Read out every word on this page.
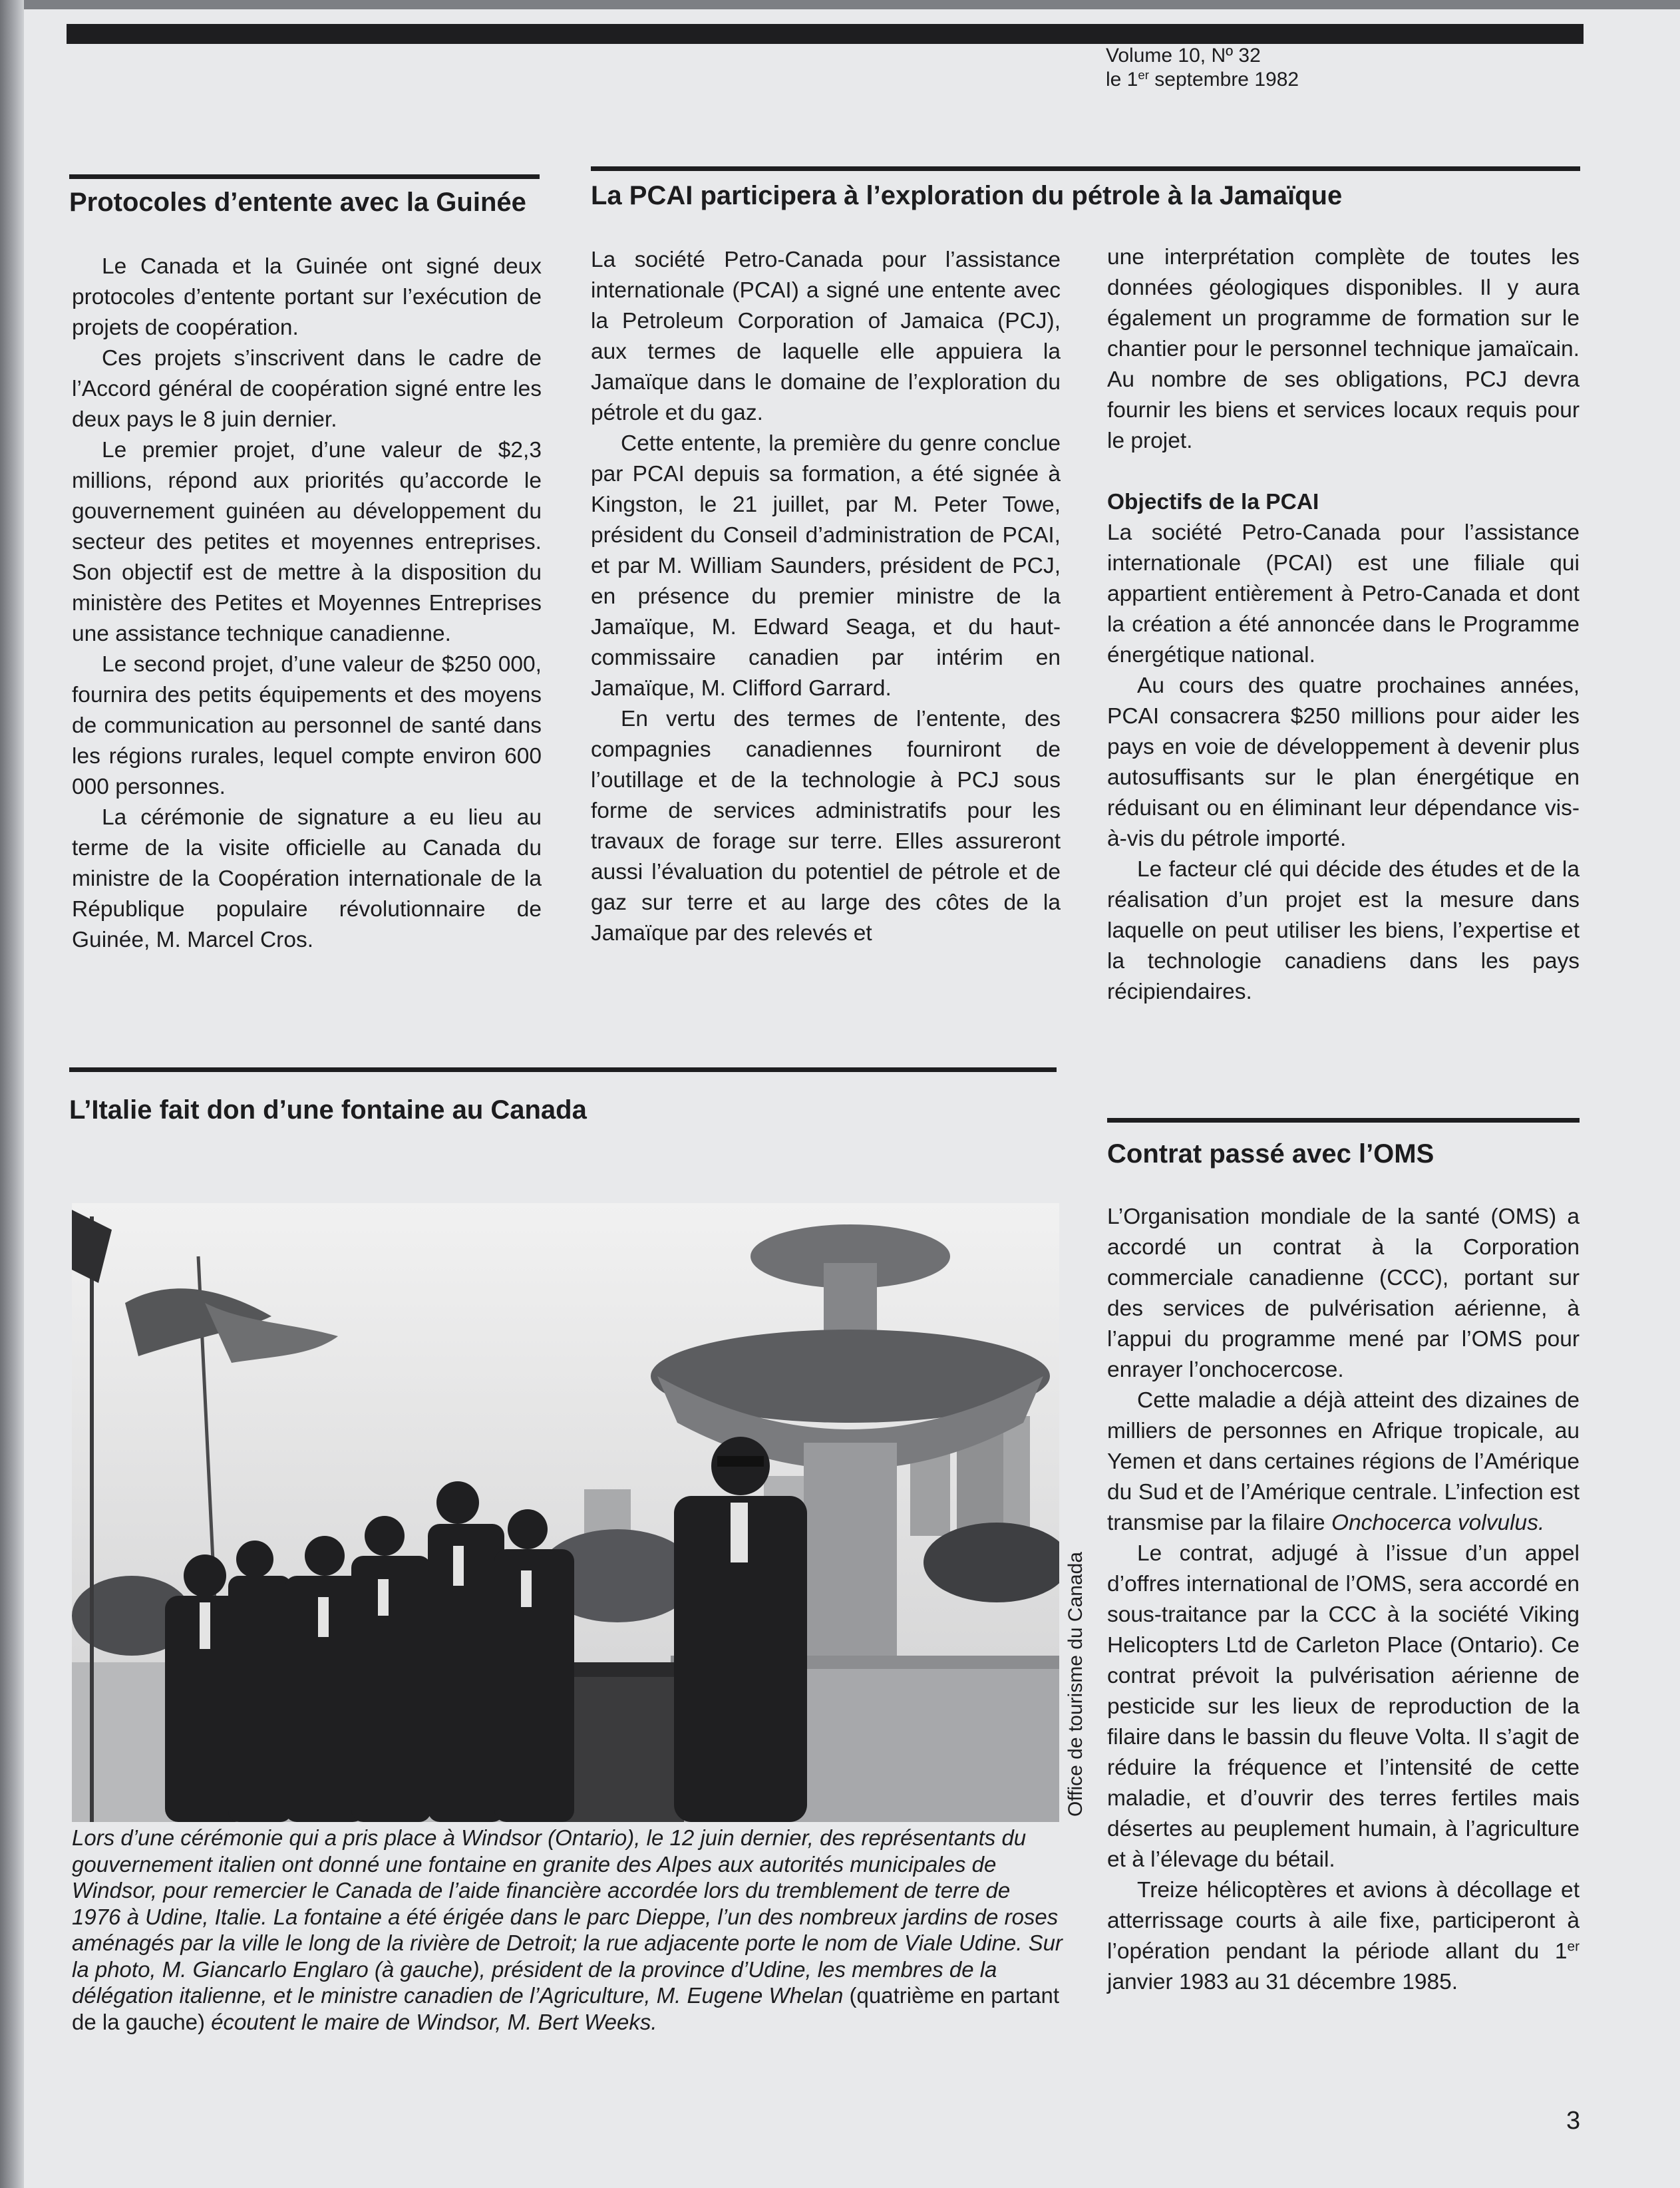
Volume 10, Nº 32
le 1er septembre 1982
Protocoles d’entente avec la Guinée

Le Canada et la Guinée ont signé deux protocoles d’entente portant sur l’exécution de projets de coopération.

Ces projets s’inscrivent dans le cadre de l’Accord général de coopération signé entre les deux pays le 8 juin dernier.

Le premier projet, d’une valeur de $2,3 millions, répond aux priorités qu’accorde le gouvernement guinéen au développement du secteur des petites et moyennes entreprises. Son objectif est de mettre à la disposition du ministère des Petites et Moyennes Entreprises une assistance technique canadienne.

Le second projet, d’une valeur de $250 000, fournira des petits équipements et des moyens de communication au personnel de santé dans les régions rurales, lequel compte environ 600 000 personnes.

La cérémonie de signature a eu lieu au terme de la visite officielle au Canada du ministre de la Coopération internationale de la République populaire révolutionnaire de Guinée, M. Marcel Cros.

La PCAI participera à l’exploration du pétrole à la Jamaïque

La société Petro-Canada pour l’assistance internationale (PCAI) a signé une entente avec la Petroleum Corporation of Jamaica (PCJ), aux termes de laquelle elle appuiera la Jamaïque dans le domaine de l’exploration du pétrole et du gaz.

Cette entente, la première du genre conclue par PCAI depuis sa formation, a été signée à Kingston, le 21 juillet, par M. Peter Towe, président du Conseil d’administration de PCAI, et par M. William Saunders, président de PCJ, en présence du premier ministre de la Jamaïque, M. Edward Seaga, et du haut-commissaire canadien par intérim en Jamaïque, M. Clifford Garrard.

En vertu des termes de l’entente, des compagnies canadiennes fourniront de l’outillage et de la technologie à PCJ sous forme de services administratifs pour les travaux de forage sur terre. Elles assureront aussi l’évaluation du potentiel de pétrole et de gaz sur terre et au large des côtes de la Jamaïque par des relevés et

une interprétation complète de toutes les données géologiques disponibles. Il y aura également un programme de formation sur le chantier pour le personnel technique jamaïcain. Au nombre de ses obligations, PCJ devra fournir les biens et services locaux requis pour le projet.

Objectifs de la PCAI

La société Petro-Canada pour l’assistance internationale (PCAI) est une filiale qui appartient entièrement à Petro-Canada et dont la création a été annoncée dans le Programme énergétique national.

Au cours des quatre prochaines années, PCAI consacrera $250 millions pour aider les pays en voie de développement à devenir plus autosuffisants sur le plan énergétique en réduisant ou en éliminant leur dépendance vis-à-vis du pétrole importé.

Le facteur clé qui décide des études et de la réalisation d’un projet est la mesure dans laquelle on peut utiliser les biens, l’expertise et la technologie canadiens dans les pays récipiendaires.

L’Italie fait don d’une fontaine au Canada
Office de tourisme du Canada

Lors d’une cérémonie qui a pris place à Windsor (Ontario), le 12 juin dernier, des représentants du gouvernement italien ont donné une fontaine en granite des Alpes aux autorités municipales de Windsor, pour remercier le Canada de l’aide financière accordée lors du tremblement de terre de 1976 à Udine, Italie. La fontaine a été érigée dans le parc Dieppe, l’un des nombreux jardins de roses aménagés par la ville le long de la rivière de Detroit; la rue adjacente porte le nom de Viale Udine. Sur la photo, M. Giancarlo Englaro (à gauche), président de la province d’Udine, les membres de la délégation italienne, et le ministre canadien de l’Agriculture, M. Eugene Whelan (quatrième en partant de la gauche) écoutent le maire de Windsor, M. Bert Weeks.

Contrat passé avec l’OMS

L’Organisation mondiale de la santé (OMS) a accordé un contrat à la Corporation commerciale canadienne (CCC), portant sur des services de pulvérisation aérienne, à l’appui du programme mené par l’OMS pour enrayer l’onchocercose.

Cette maladie a déjà atteint des dizaines de milliers de personnes en Afrique tropicale, au Yemen et dans certaines régions de l’Amérique du Sud et de l’Amérique centrale. L’infection est transmise par la filaire Onchocerca volvulus.

Le contrat, adjugé à l’issue d’un appel d’offres international de l’OMS, sera accordé en sous-traitance par la CCC à la société Viking Helicopters Ltd de Carleton Place (Ontario). Ce contrat prévoit la pulvérisation aérienne de pesticide sur les lieux de reproduction de la filaire dans le bassin du fleuve Volta. Il s’agit de réduire la fréquence et l’intensité de cette maladie, et d’ouvrir des terres fertiles mais désertes au peuplement humain, à l’agriculture et à l’élevage du bétail.

Treize hélicoptères et avions à décollage et atterrissage courts à aile fixe, participeront à l’opération pendant la période allant du 1er janvier 1983 au 31 décembre 1985.

3
